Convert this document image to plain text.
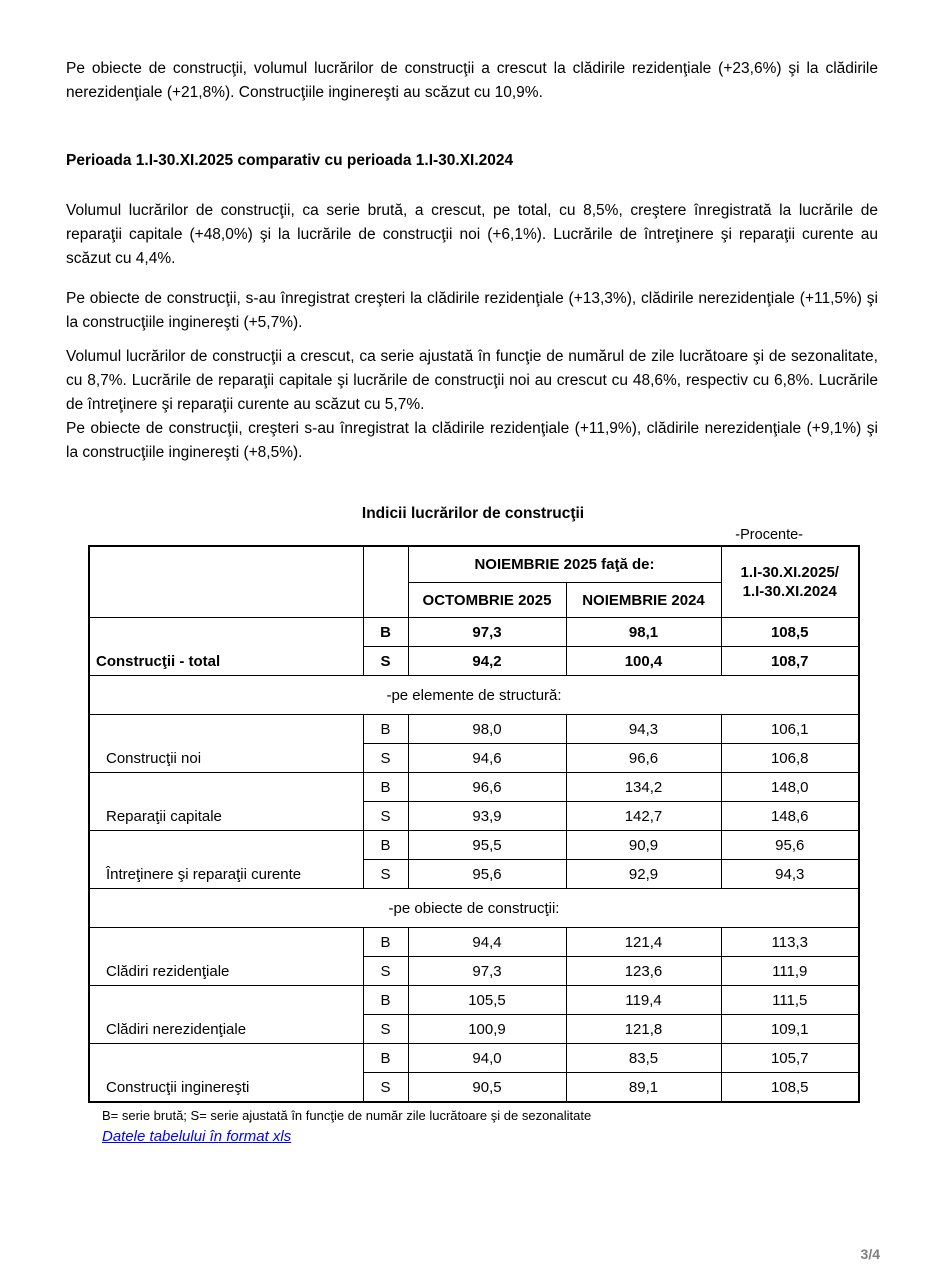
Pe obiecte de construcţii, volumul lucrărilor de construcţii a crescut la clădirile rezidenţiale (+23,6%) şi la clădirile nerezidenţiale (+21,8%). Construcţiile inginereşti au scăzut cu 10,9%.

Perioada 1.I-30.XI.2025 comparativ cu perioada 1.I-30.XI.2024

Volumul lucrărilor de construcţii, ca serie brută, a crescut, pe total, cu 8,5%, creştere înregistrată la lucrările de reparaţii capitale (+48,0%) şi la lucrările de construcţii noi (+6,1%). Lucrările de întreţinere şi reparaţii curente au scăzut cu 4,4%.

Pe obiecte de construcţii, s-au înregistrat creşteri la clădirile rezidenţiale (+13,3%), clădirile nerezidenţiale (+11,5%) şi la construcţiile inginereşti (+5,7%).

Volumul lucrărilor de construcţii a crescut, ca serie ajustată în funcţie de numărul de zile lucrătoare şi de sezonalitate, cu 8,7%. Lucrările de reparaţii capitale şi lucrările de construcţii noi au crescut cu 48,6%, respectiv cu 6,8%. Lucrările de întreţinere şi reparaţii curente au scăzut cu 5,7%.

Pe obiecte de construcţii, creşteri s-au înregistrat la clădirile rezidenţiale (+11,9%), clădirile nerezidenţiale (+9,1%) şi la construcţiile inginereşti (+8,5%).

Indicii lucrărilor de construcţii
-Procente-
		NOIEMBRIE 2025 faţă de:		1.I-30.XI.2025/
1.I-30.XI.2024

		OCTOMBRIE 2025	NOIEMBRIE 2024	
Construcţii - total	B	97,3	98,1	108,5
	S	94,2	100,4	108,7
-pe elemente de structură:				
Construcţii noi	B	98,0	94,3	106,1
	S	94,6	96,6	106,8
Reparaţii capitale	B	96,6	134,2	148,0
	S	93,9	142,7	148,6
Întreţinere şi reparaţii curente	B	95,5	90,9	95,6
	S	95,6	92,9	94,3
-pe obiecte de construcţii:				
Clădiri rezidenţiale	B	94,4	121,4	113,3
	S	97,3	123,6	111,9
Clădiri nerezidenţiale	B	105,5	119,4	111,5
	S	100,9	121,8	109,1
Construcţii inginereşti	B	94,0	83,5	105,7
	S	90,5	89,1	108,5
B= serie brută; S= serie ajustată în funcţie de număr zile lucrătoare şi de sezonalitate
Datele tabelului în format xls
3/4
